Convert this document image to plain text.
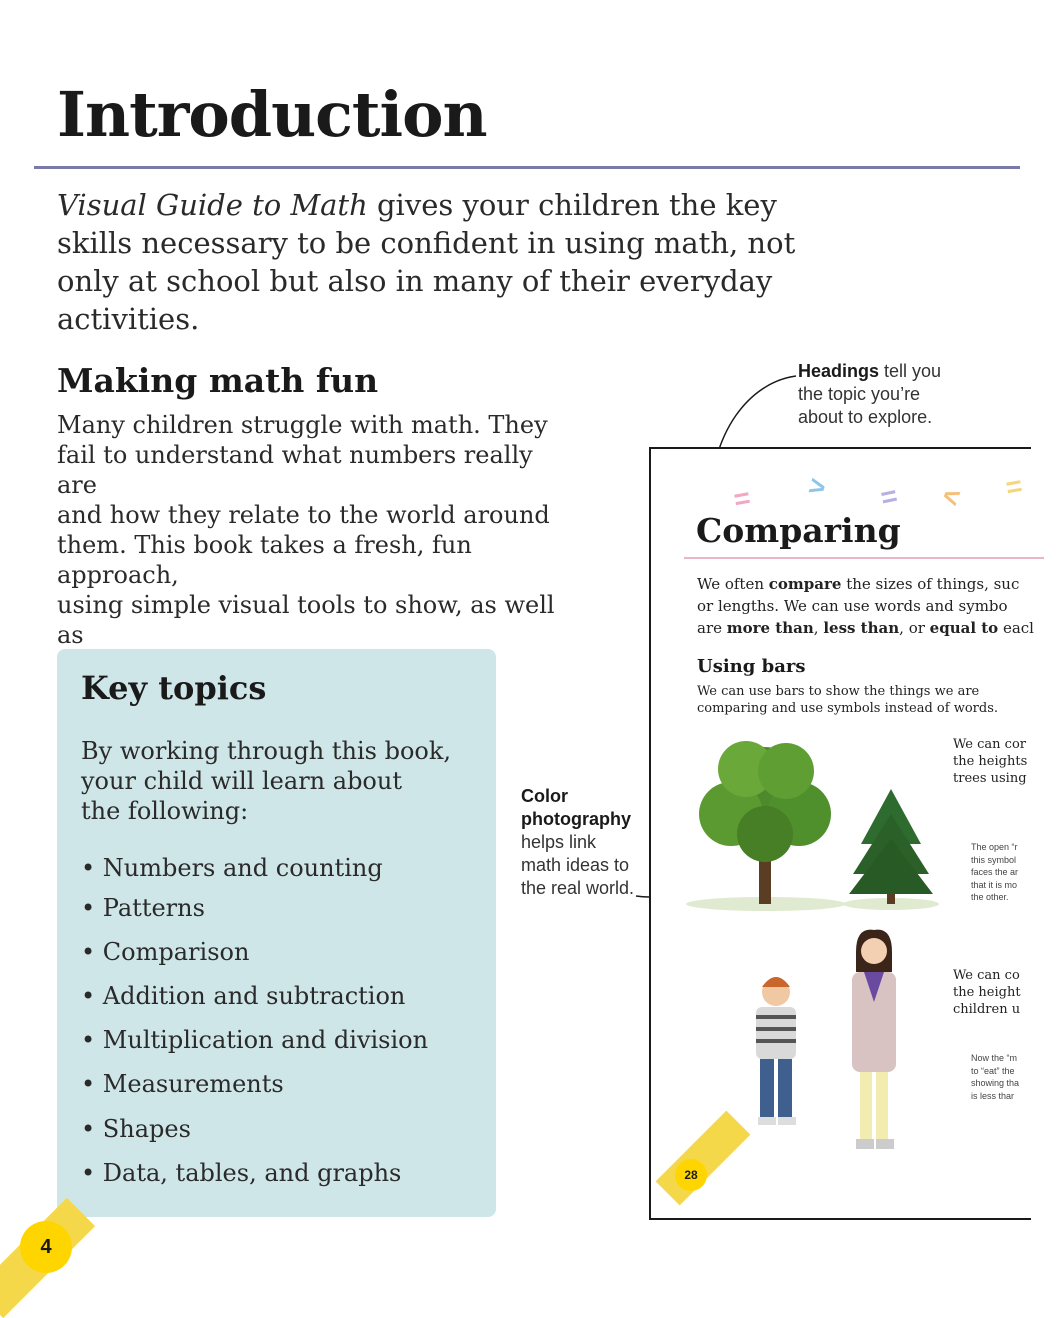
Introduction

Visual Guide to Math gives your children the key skills necessary to be confident in using math, not only at school but also in many of their everyday activities.

Making math fun
Many children struggle with math. They
fail to understand what numbers really are
and how they relate to the world around
them. This book takes a fresh, fun approach,
using simple visual tools to show, as well as
Key topics
By working through this book,
your child will learn about
the following:

• Numbers and counting

• Patterns

• Comparison

• Addition and subtraction

• Multiplication and division

• Measurements

• Shapes

• Data, tables, and graphs

4
Headings tell you
the topic you’re
about to explore.
Color
photography
helps link
math ideas to
the real world.
= > = < =
Comparing
We often compare the sizes of things, suc
or lengths. We can use words and symbo
are more than, less than, or equal to eacl
Using bars
We can use bars to show the things we are
comparing and use symbols instead of words.
We can cor
the heights
trees using
The open “r
this symbol
faces the ar
that it is mo
the other.
We can co
the height
children u
Now the “m
to “eat” the
showing tha
is less thar
28
